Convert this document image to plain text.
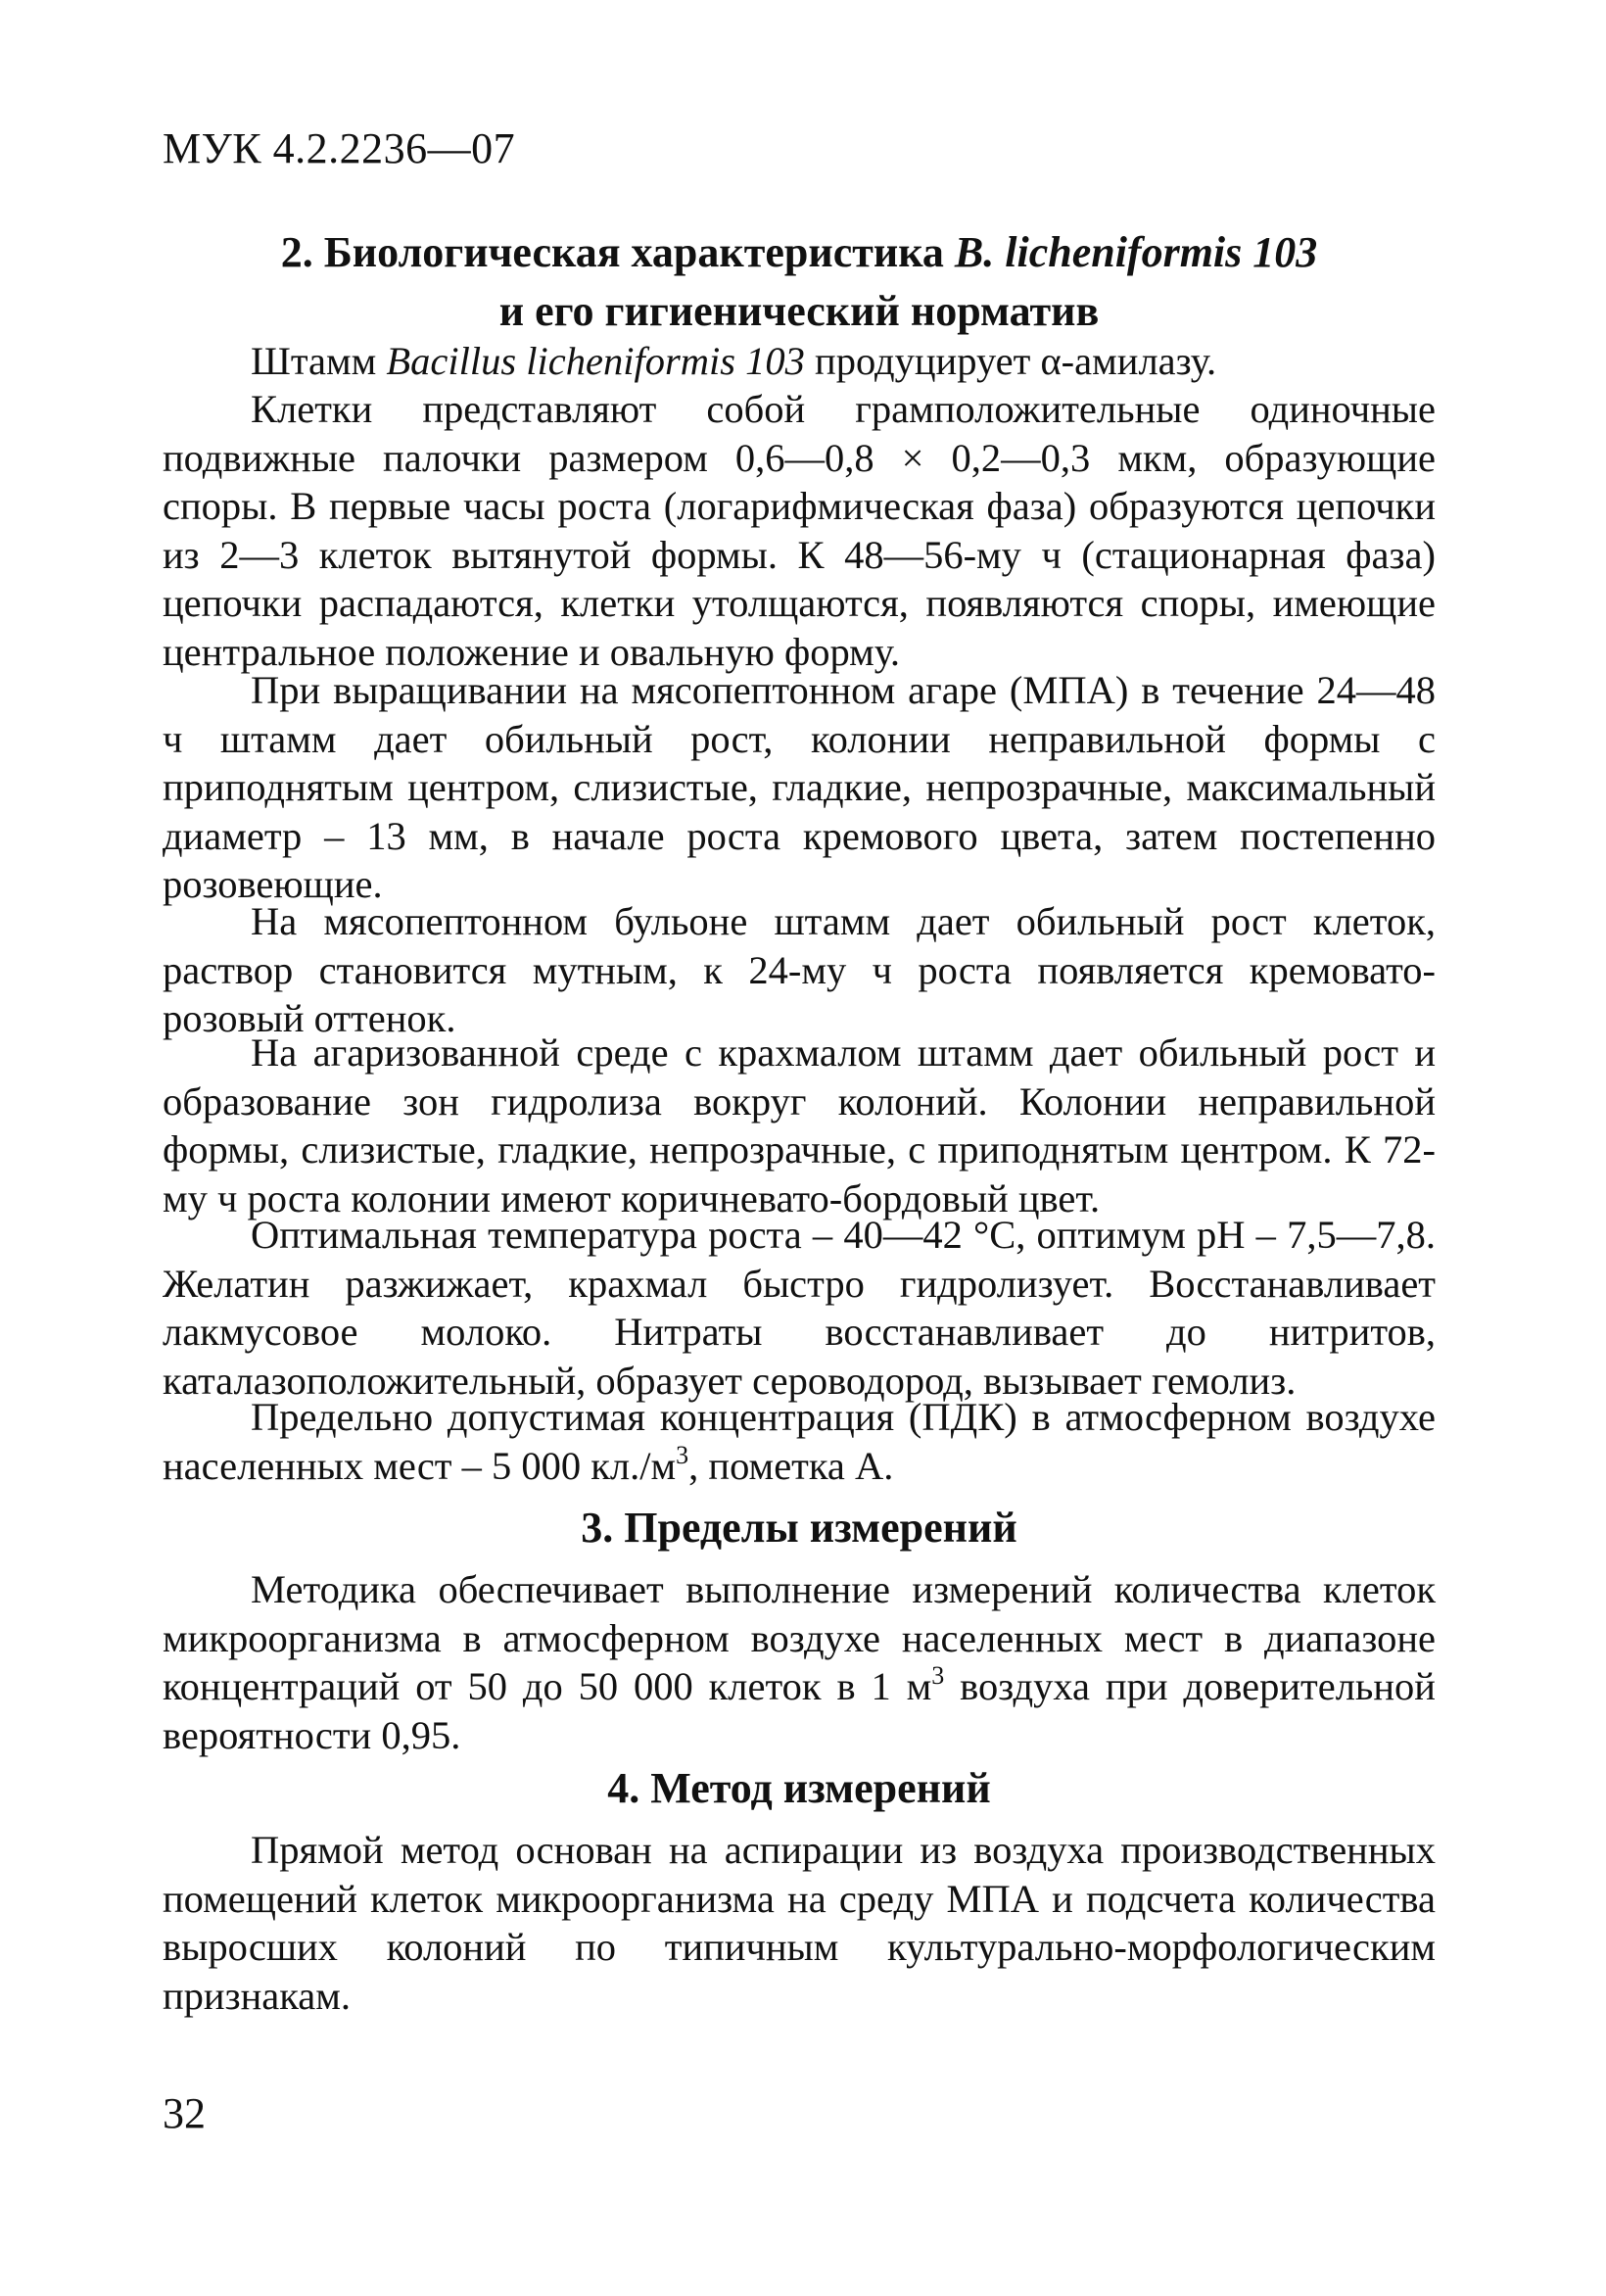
МУК 4.2.2236—07
2. Биологическая характеристика B. licheniformis 103
и его гигиенический норматив

Штамм Bacillus licheniformis 103 продуцирует α-амилазу.

Клетки представляют собой грамположительные одиночные подвижные палочки размером 0,6—0,8 × 0,2—0,3 мкм, образующие споры. В первые часы роста (логарифмическая фаза) образуются цепочки из 2—3 клеток вытянутой формы. К 48—56-му ч (стационарная фаза) цепочки распадаются, клетки утолщаются, появляются споры, имеющие центральное положение и овальную форму.

При выращивании на мясопептонном агаре (МПА) в течение 24—48 ч штамм дает обильный рост, колонии неправильной формы с приподнятым центром, слизистые, гладкие, непрозрачные, максимальный диаметр – 13 мм, в начале роста кремового цвета, затем постепенно розовеющие.

На мясопептонном бульоне штамм дает обильный рост клеток, раствор становится мутным, к 24-му ч роста появляется кремовато-розовый оттенок.

На агаризованной среде с крахмалом штамм дает обильный рост и образование зон гидролиза вокруг колоний. Колонии неправильной формы, слизистые, гладкие, непрозрачные, с приподнятым центром. К 72-му ч роста колонии имеют коричневато-бордовый цвет.

Оптимальная температура роста – 40—42 °С, оптимум рН – 7,5—7,8. Желатин разжижает, крахмал быстро гидролизует. Восстанавливает лакмусовое молоко. Нитраты восстанавливает до нитритов, каталазоположительный, образует сероводород, вызывает гемолиз.

Предельно допустимая концентрация (ПДК) в атмосферном воздухе населенных мест – 5 000 $кл./м^3$, пометка А.

3. Пределы измерений

Методика обеспечивает выполнение измерений количества клеток микроорганизма в атмосферном воздухе населенных мест в диапазоне концентраций от 50 до 50 000 клеток в 1 $м^3$ воздуха при доверительной вероятности 0,95.

4. Метод измерений

Прямой метод основан на аспирации из воздуха производственных помещений клеток микроорганизма на среду МПА и подсчета количества выросших колоний по типичным культурально-морфологическим признакам.

32
